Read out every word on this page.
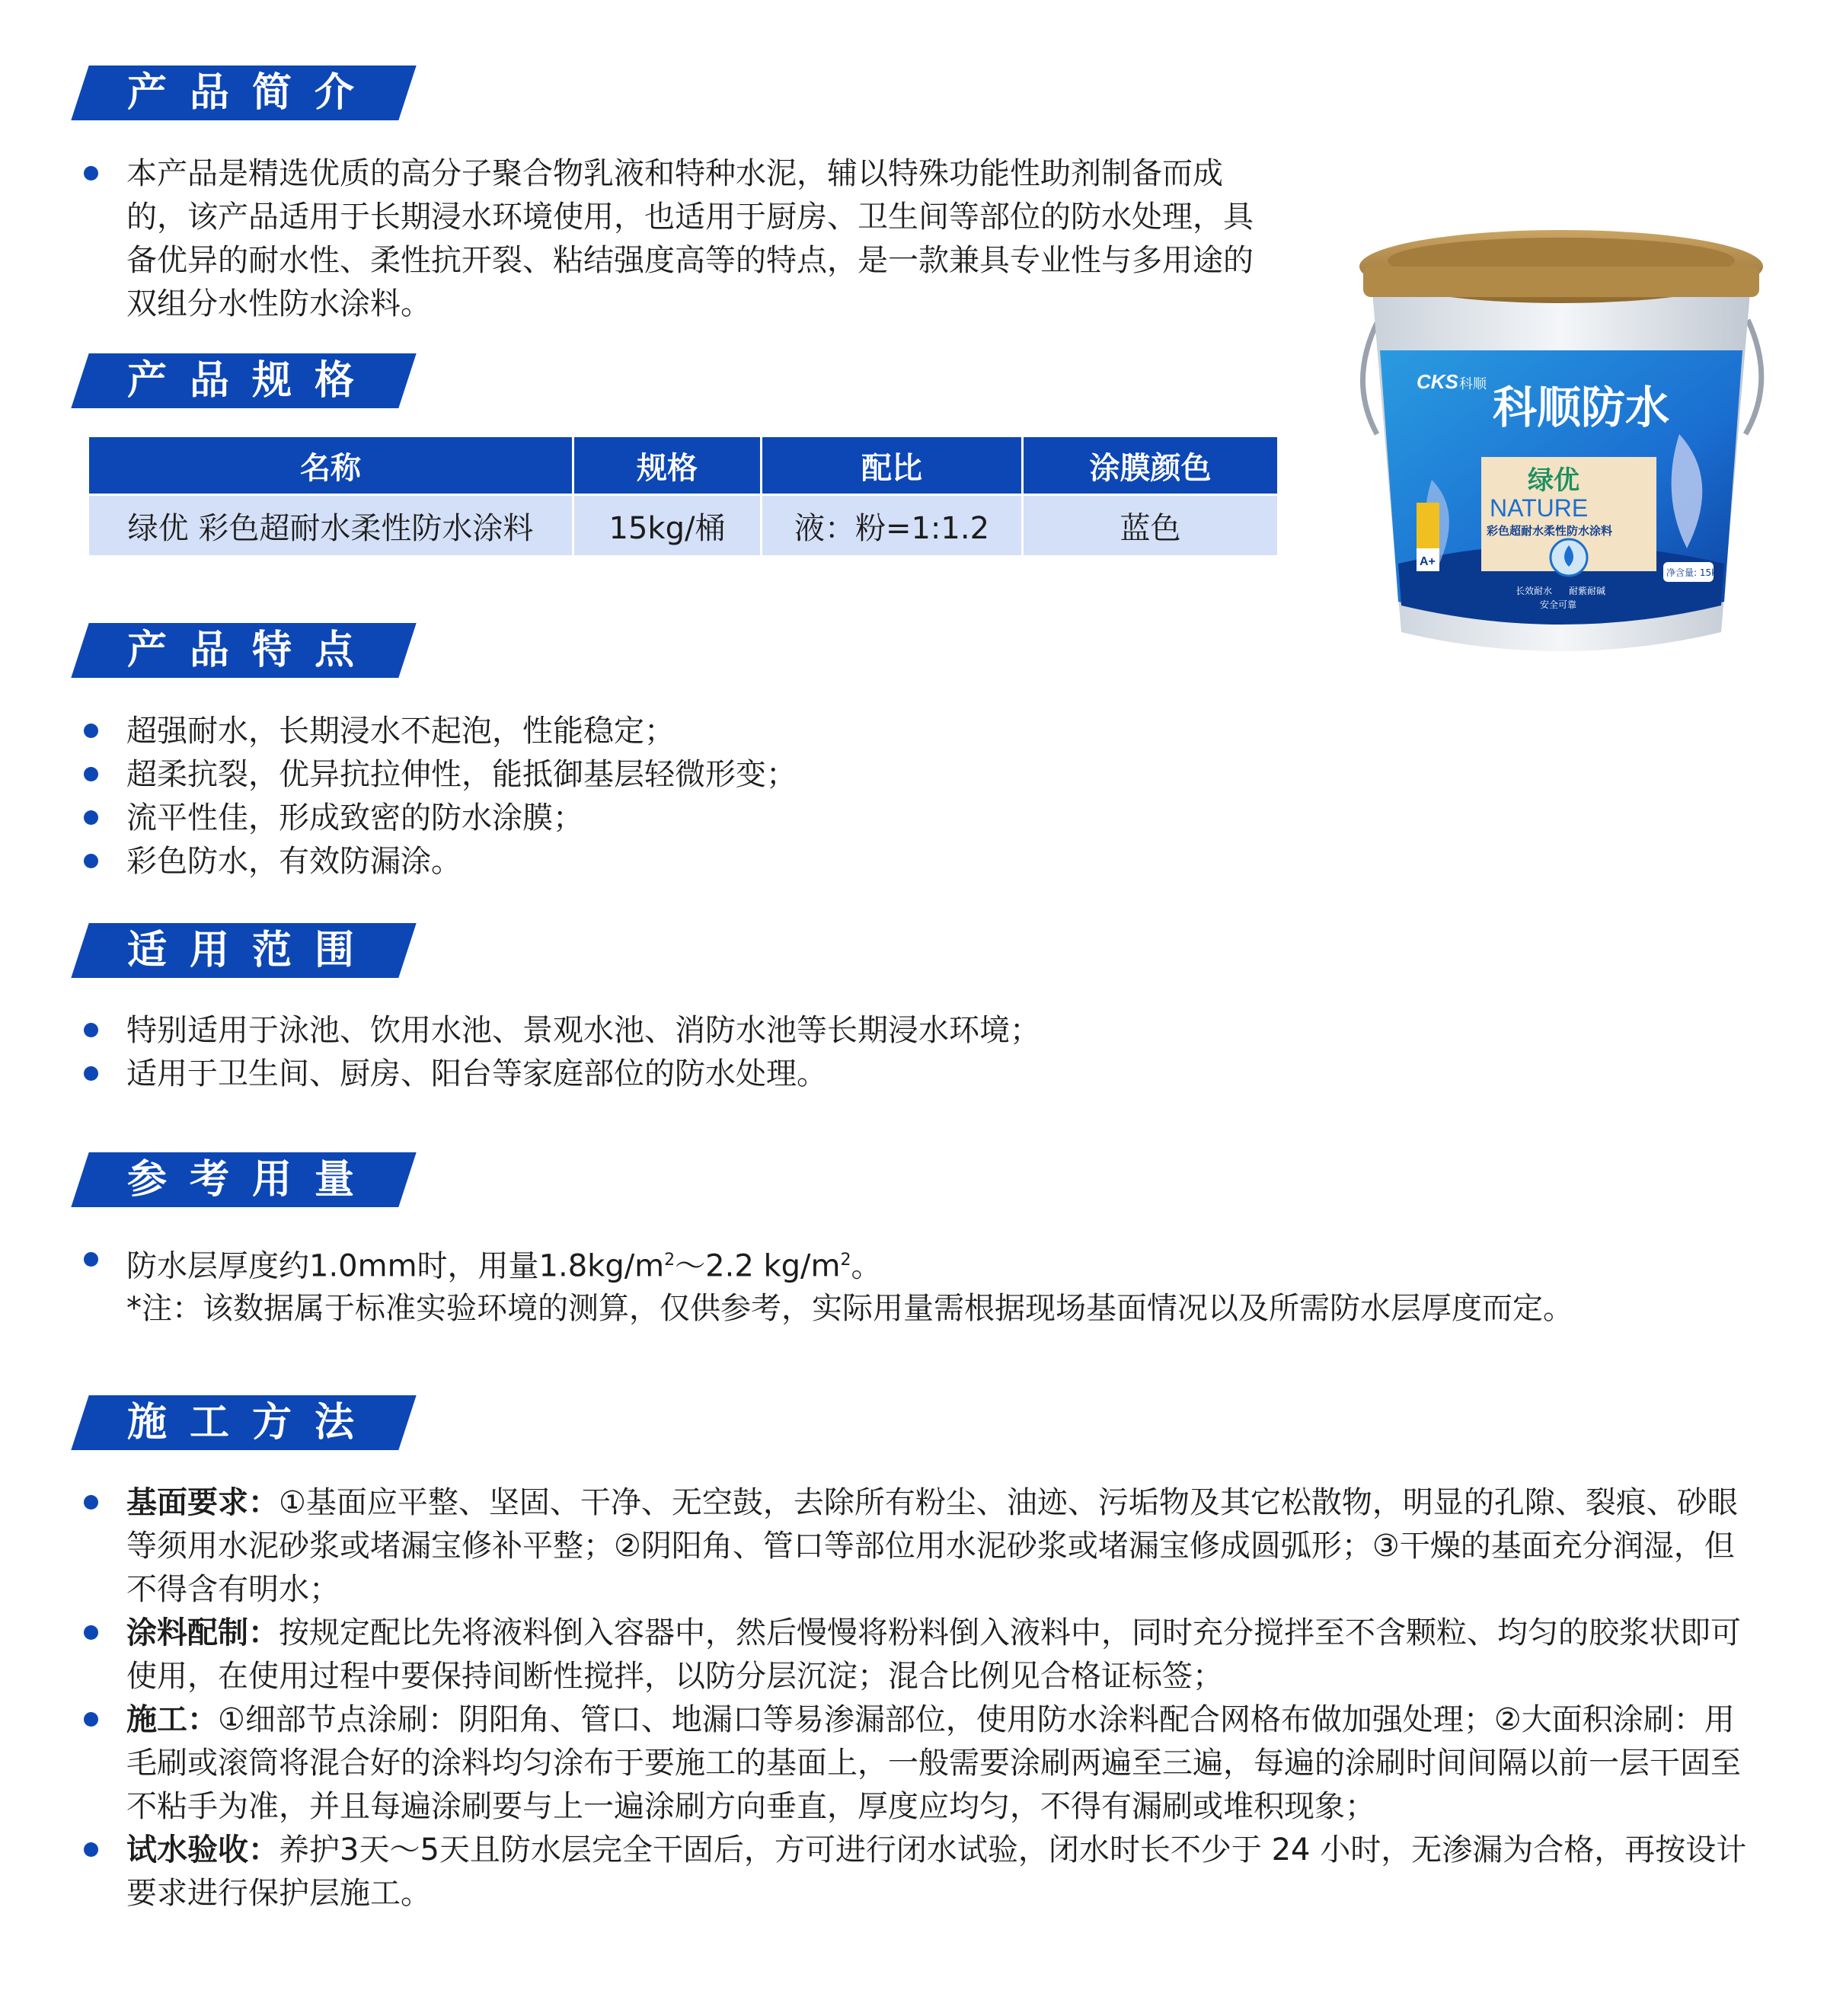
产品简介
本产品是精选优质的高分子聚合物乳液和特种水泥，辅以特殊功能性助剂制备而成的，该产品适用于长期浸水环境使用，也适用于厨房、卫生间等部位的防水处理，具备优异的耐水性、柔性抗开裂、粘结强度高等的特点，是一款兼具专业性与多用途的双组分水性防水涂料。
产品规格
名称	规格	配比	涂膜颜色
绿优 彩色超耐水柔性防水涂料	15kg/桶	液：粉=1:1.2	蓝色
产品特点
超强耐水，长期浸水不起泡，性能稳定；
超柔抗裂，优异抗拉伸性，能抵御基层轻微形变；
流平性佳，形成致密的防水涂膜；
彩色防水，有效防漏涂。
适用范围
特别适用于泳池、饮用水池、景观水池、消防水池等长期浸水环境；
适用于卫生间、厨房、阳台等家庭部位的防水处理。
参考用量
防水层厚度约1.0mm时，用量$1.8kg/m^2\sim 2.2$ $kg/m^2$。
*注：该数据属于标准实验环境的测算，仅供参考，实际用量需根据现场基面情况以及所需防水层厚度而定。
施工方法
基面要求：①基面应平整、坚固、干净、无空鼓，去除所有粉尘、油迹、污垢物及其它松散物，明显的孔隙、裂痕、砂眼等须用水泥砂浆或堵漏宝修补平整；②阴阳角、管口等部位用水泥砂浆或堵漏宝修成圆弧形；③干燥的基面充分润湿，但不得含有明水；
涂料配制：按规定配比先将液料倒入容器中，然后慢慢将粉料倒入液料中，同时充分搅拌至不含颗粒、均匀的胶浆状即可使用，在使用过程中要保持间断性搅拌，以防分层沉淀；混合比例见合格证标签；
施工：①细部节点涂刷：阴阳角、管口、地漏口等易渗漏部位，使用防水涂料配合网格布做加强处理；②大面积涂刷：用毛刷或滚筒将混合好的涂料均匀涂布于要施工的基面上，一般需要涂刷两遍至三遍，每遍的涂刷时间间隔以前一层干固至不粘手为准，并且每遍涂刷要与上一遍涂刷方向垂直，厚度应均匀，不得有漏刷或堆积现象；
试水验收：养护3天～5天且防水层完全干固后，方可进行闭水试验，闭水时长不少于 24 小时，无渗漏为合格，再按设计要求进行保护层施工。
CKS 科顺 科顺防水
绿优
NATURE
彩色超耐水柔性防水涂料
A+
净含量: 15kg
长效耐水 耐紫耐碱
安全可靠
